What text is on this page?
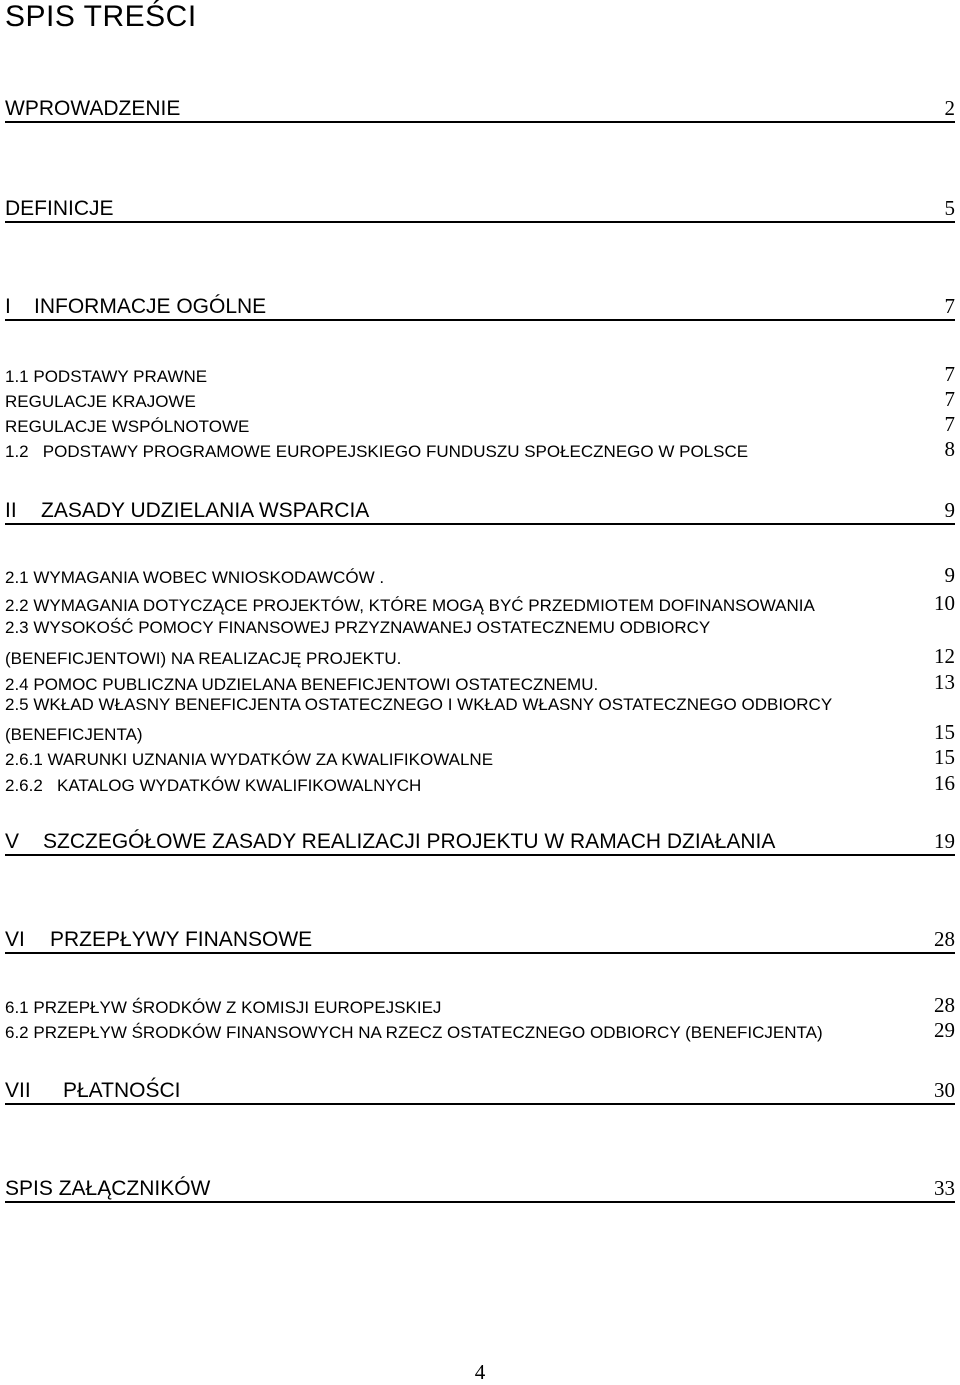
SPIS TREŚCI
WPROWADZENIE	2
DEFINICJE	5
I	INFORMACJE OGÓLNE	7
1.1 PODSTAWY PRAWNE	7
REGULACJE KRAJOWE	7
REGULACJE WSPÓLNOTOWE	7
1.2   PODSTAWY PROGRAMOWE EUROPEJSKIEGO FUNDUSZU SPOŁECZNEGO W POLSCE	8
II	ZASADY UDZIELANIA WSPARCIA	9
2.1 WYMAGANIA WOBEC WNIOSKODAWCÓW .	9
2.2 WYMAGANIA DOTYCZĄCE PROJEKTÓW, KTÓRE MOGĄ BYĆ PRZEDMIOTEM DOFINANSOWANIA	10
2.3 WYSOKOŚĆ POMOCY FINANSOWEJ PRZYZNAWANEJ OSTATECZNEMU ODBIORCY
(BENEFICJENTOWI) NA REALIZACJĘ PROJEKTU.	12
2.4 POMOC PUBLICZNA UDZIELANA BENEFICJENTOWI OSTATECZNEMU.	13
2.5 WKŁAD WŁASNY BENEFICJENTA OSTATECZNEGO I WKŁAD WŁASNY OSTATECZNEGO ODBIORCY
(BENEFICJENTA)	15
2.6.1 WARUNKI UZNANIA WYDATKÓW ZA KWALIFIKOWALNE	15
2.6.2   KATALOG WYDATKÓW KWALIFIKOWALNYCH	16
V	SZCZEGÓŁOWE ZASADY REALIZACJI PROJEKTU W RAMACH DZIAŁANIA	19
VI	PRZEPŁYWY FINANSOWE	28
6.1 PRZEPŁYW ŚRODKÓW Z KOMISJI EUROPEJSKIEJ	28
6.2 PRZEPŁYW ŚRODKÓW FINANSOWYCH NA RZECZ OSTATECZNEGO ODBIORCY (BENEFICJENTA)	29
VII	PŁATNOŚCI	30
SPIS ZAŁĄCZNIKÓW	33
4
